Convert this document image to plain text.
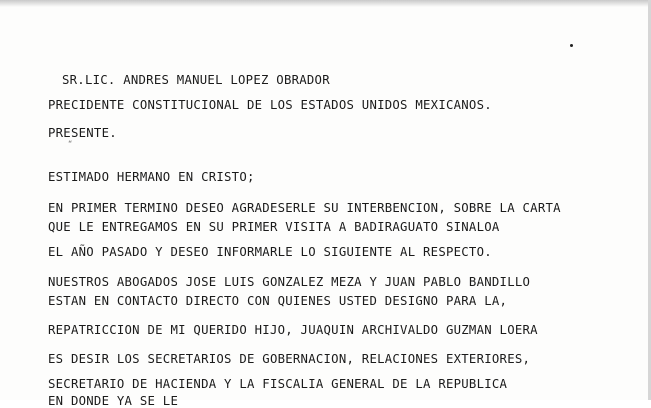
SR.LIC. ANDRES MANUEL LOPEZ OBRADOR
PRECIDENTE CONSTITUCIONAL DE LOS ESTADOS UNIDOS MEXICANOS.
PRESENTE.
“
ESTIMADO HERMANO EN CRISTO;
EN PRIMER TERMINO DESEO AGRADESERLE SU INTERBENCION, SOBRE LA CARTA
QUE LE ENTREGAMOS EN SU PRIMER VISITA A BADIRAGUATO SINALOA
EL AÑO PASADO Y DESEO INFORMARLE LO SIGUIENTE AL RESPECTO.
NUESTROS ABOGADOS JOSE LUIS GONZALEZ MEZA Y JUAN PABLO BANDILLO
ESTAN EN CONTACTO DIRECTO CON QUIENES USTED DESIGNO PARA LA,
REPATRICCION DE MI QUERIDO HIJO, JUAQUIN ARCHIVALDO GUZMAN LOERA
ES DESIR LOS SECRETARIOS DE GOBERNACION, RELACIONES EXTERIORES,
SECRETARIO DE HACIENDA Y LA FISCALIA GENERAL DE LA REPUBLICA
EN DONDE YA SE LE
